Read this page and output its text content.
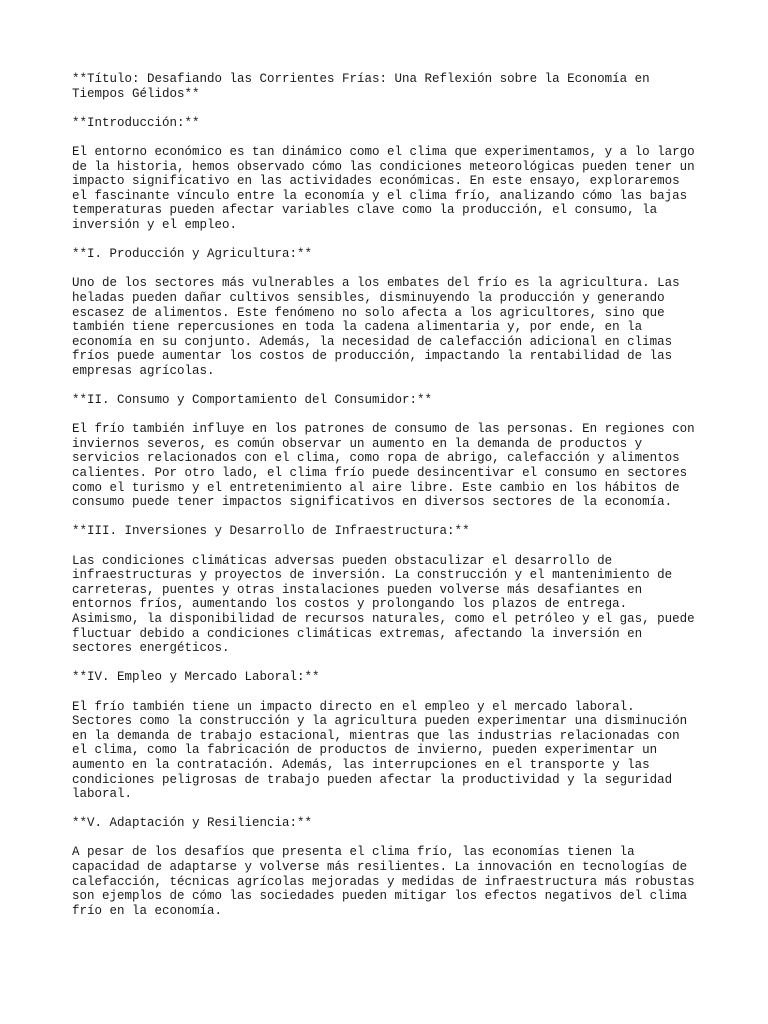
**Título: Desafiando las Corrientes Frías: Una Reflexión sobre la Economía en
Tiempos Gélidos**

**Introducción:**

El entorno económico es tan dinámico como el clima que experimentamos, y a lo largo
de la historia, hemos observado cómo las condiciones meteorológicas pueden tener un
impacto significativo en las actividades económicas. En este ensayo, exploraremos
el fascinante vínculo entre la economía y el clima frío, analizando cómo las bajas
temperaturas pueden afectar variables clave como la producción, el consumo, la
inversión y el empleo.

**I. Producción y Agricultura:**

Uno de los sectores más vulnerables a los embates del frío es la agricultura. Las
heladas pueden dañar cultivos sensibles, disminuyendo la producción y generando
escasez de alimentos. Este fenómeno no solo afecta a los agricultores, sino que
también tiene repercusiones en toda la cadena alimentaria y, por ende, en la
economía en su conjunto. Además, la necesidad de calefacción adicional en climas
fríos puede aumentar los costos de producción, impactando la rentabilidad de las
empresas agrícolas.

**II. Consumo y Comportamiento del Consumidor:**

El frío también influye en los patrones de consumo de las personas. En regiones con
inviernos severos, es común observar un aumento en la demanda de productos y
servicios relacionados con el clima, como ropa de abrigo, calefacción y alimentos
calientes. Por otro lado, el clima frío puede desincentivar el consumo en sectores
como el turismo y el entretenimiento al aire libre. Este cambio en los hábitos de
consumo puede tener impactos significativos en diversos sectores de la economía.

**III. Inversiones y Desarrollo de Infraestructura:**

Las condiciones climáticas adversas pueden obstaculizar el desarrollo de
infraestructuras y proyectos de inversión. La construcción y el mantenimiento de
carreteras, puentes y otras instalaciones pueden volverse más desafiantes en
entornos fríos, aumentando los costos y prolongando los plazos de entrega.
Asimismo, la disponibilidad de recursos naturales, como el petróleo y el gas, puede
fluctuar debido a condiciones climáticas extremas, afectando la inversión en
sectores energéticos.

**IV. Empleo y Mercado Laboral:**

El frío también tiene un impacto directo en el empleo y el mercado laboral.
Sectores como la construcción y la agricultura pueden experimentar una disminución
en la demanda de trabajo estacional, mientras que las industrias relacionadas con
el clima, como la fabricación de productos de invierno, pueden experimentar un
aumento en la contratación. Además, las interrupciones en el transporte y las
condiciones peligrosas de trabajo pueden afectar la productividad y la seguridad
laboral.

**V. Adaptación y Resiliencia:**

A pesar de los desafíos que presenta el clima frío, las economías tienen la
capacidad de adaptarse y volverse más resilientes. La innovación en tecnologías de
calefacción, técnicas agrícolas mejoradas y medidas de infraestructura más robustas
son ejemplos de cómo las sociedades pueden mitigar los efectos negativos del clima
frío en la economía.
